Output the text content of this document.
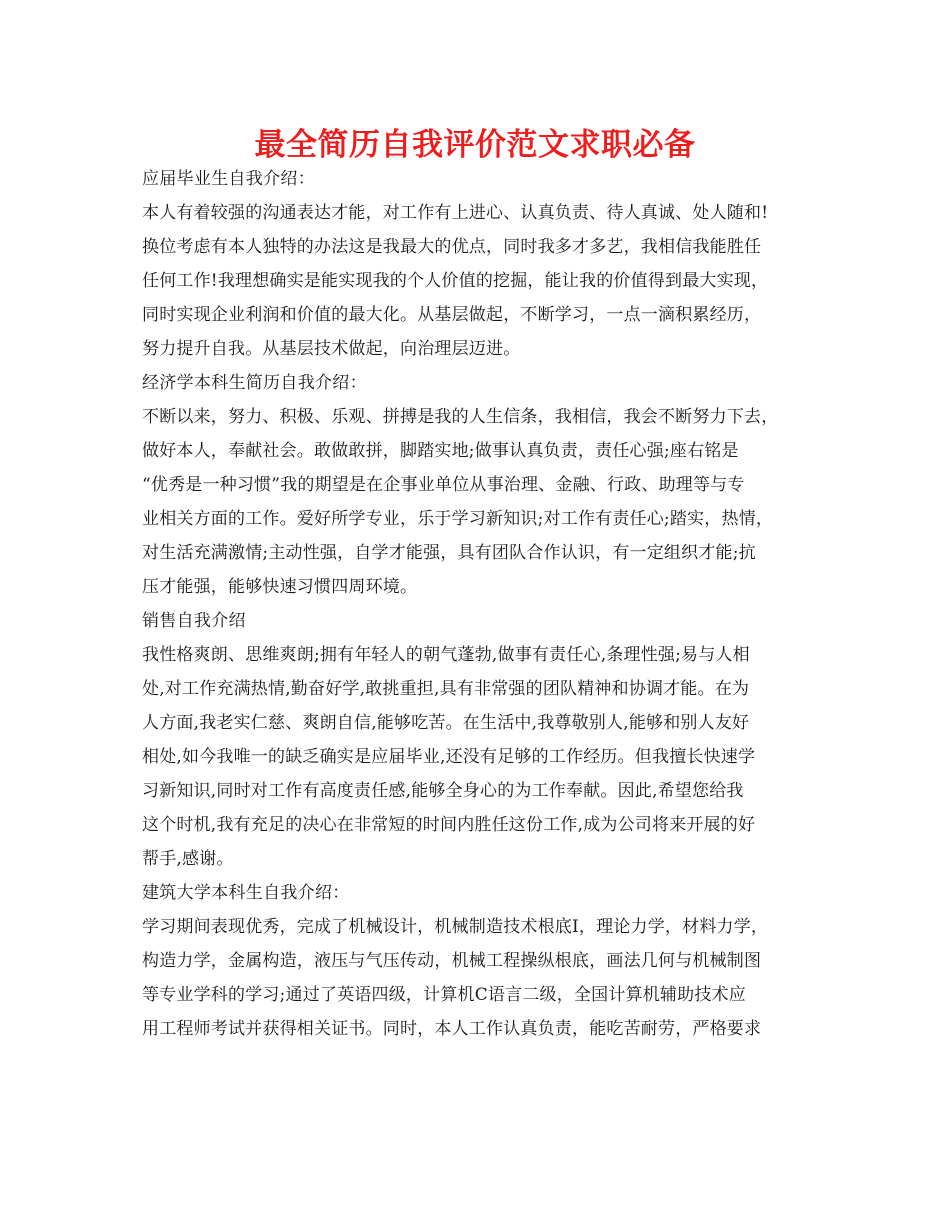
最全简历自我评价范文求职必备
应届毕业生自我介绍：
本人有着较强的沟通表达才能，对工作有上进心、认真负责、待人真诚、处人随和!
换位考虑有本人独特的办法这是我最大的优点，同时我多才多艺，我相信我能胜任
任何工作!我理想确实是能实现我的个人价值的挖掘，能让我的价值得到最大实现，
同时实现企业利润和价值的最大化。从基层做起，不断学习，一点一滴积累经历，
努力提升自我。从基层技术做起，向治理层迈进。
经济学本科生简历自我介绍：
不断以来，努力、积极、乐观、拼搏是我的人生信条，我相信，我会不断努力下去，
做好本人，奉献社会。敢做敢拼，脚踏实地;做事认真负责，责任心强;座右铭是
“优秀是一种习惯”我的期望是在企事业单位从事治理、金融、行政、助理等与专
业相关方面的工作。爱好所学专业，乐于学习新知识;对工作有责任心;踏实，热情，
对生活充满激情;主动性强，自学才能强，具有团队合作认识，有一定组织才能;抗
压才能强，能够快速习惯四周环境。
销售自我介绍
我性格爽朗、思维爽朗;拥有年轻人的朝气蓬勃,做事有责任心,条理性强;易与人相
处,对工作充满热情,勤奋好学,敢挑重担,具有非常强的团队精神和协调才能。在为
人方面,我老实仁慈、爽朗自信,能够吃苦。在生活中,我尊敬别人,能够和别人友好
相处,如今我唯一的缺乏确实是应届毕业,还没有足够的工作经历。但我擅长快速学
习新知识,同时对工作有高度责任感,能够全身心的为工作奉献。因此,希望您给我
这个时机,我有充足的决心在非常短的时间内胜任这份工作,成为公司将来开展的好
帮手,感谢。
建筑大学本科生自我介绍：
学习期间表现优秀，完成了机械设计，机械制造技术根底Ⅰ，理论力学，材料力学，
构造力学，金属构造，液压与气压传动，机械工程操纵根底，画法几何与机械制图
等专业学科的学习;通过了英语四级，计算机C语言二级，全国计算机辅助技术应
用工程师考试并获得相关证书。同时，本人工作认真负责，能吃苦耐劳，严格要求
